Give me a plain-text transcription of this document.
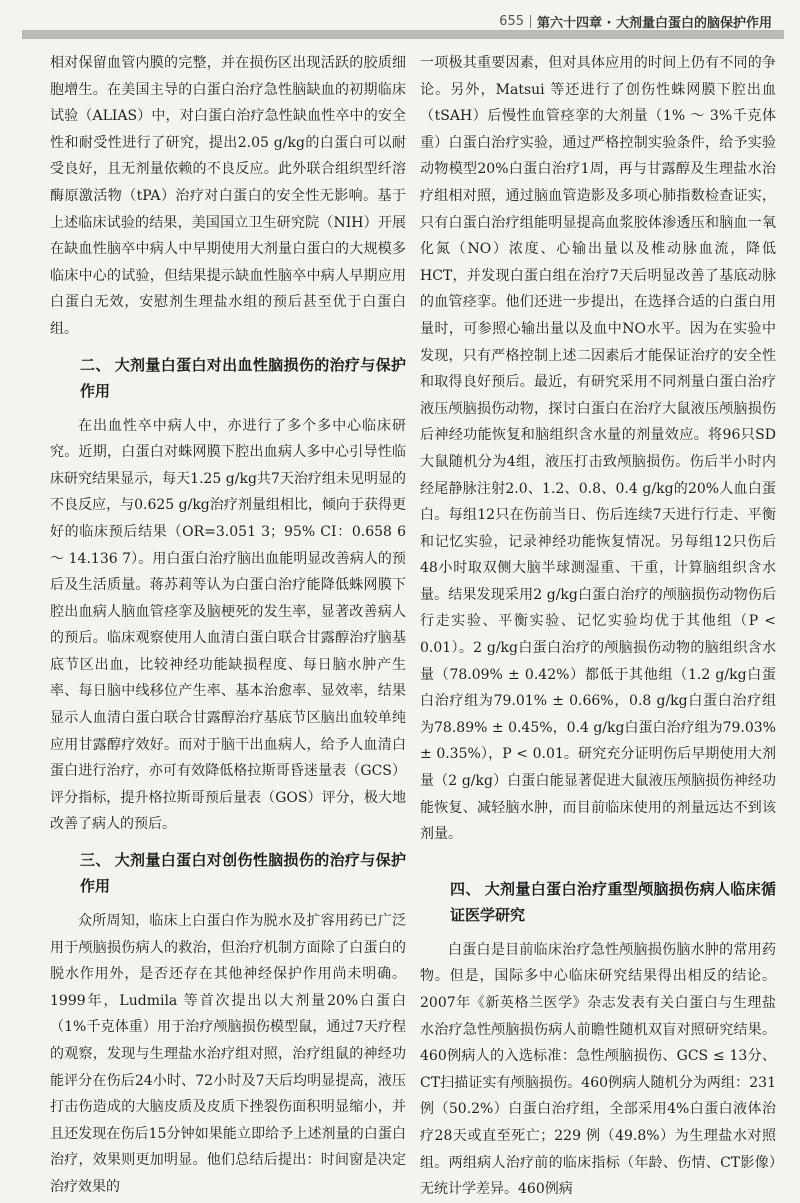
655 第六十四章 · 大剂量白蛋白的脑保护作用

相对保留血管内膜的完整，并在损伤区出现活跃的胶质细胞增生。在美国主导的白蛋白治疗急性脑缺血的初期临床试验（ALIAS）中，对白蛋白治疗急性缺血性卒中的安全性和耐受性进行了研究，提出2.05 g/kg的白蛋白可以耐受良好，且无剂量依赖的不良反应。此外联合组织型纤溶酶原激活物（tPA）治疗对白蛋白的安全性无影响。基于上述临床试验的结果，美国国立卫生研究院（NIH）开展在缺血性脑卒中病人中早期使用大剂量白蛋白的大规模多临床中心的试验，但结果提示缺血性脑卒中病人早期应用白蛋白无效，安慰剂生理盐水组的预后甚至优于白蛋白组。

二、 大剂量白蛋白对出血性脑损伤的治疗与保护作用

在出血性卒中病人中，亦进行了多个多中心临床研究。近期，白蛋白对蛛网膜下腔出血病人多中心引导性临床研究结果显示，每天1.25 g/kg共7天治疗组未见明显的不良反应，与0.625 g/kg治疗剂量组相比，倾向于获得更好的临床预后结果（OR=3.051 3；95% CI：0.658 6 ～ 14.136 7）。用白蛋白治疗脑出血能明显改善病人的预后及生活质量。蒋苏莉等认为白蛋白治疗能降低蛛网膜下腔出血病人脑血管痉挛及脑梗死的发生率，显著改善病人的预后。临床观察使用人血清白蛋白联合甘露醇治疗脑基底节区出血，比较神经功能缺损程度、每日脑水肿产生率、每日脑中线移位产生率、基本治愈率、显效率，结果显示人血清白蛋白联合甘露醇治疗基底节区脑出血较单纯应用甘露醇疗效好。而对于脑干出血病人，给予人血清白蛋白进行治疗，亦可有效降低格拉斯哥昏迷量表（GCS）评分指标，提升格拉斯哥预后量表（GOS）评分，极大地改善了病人的预后。

三、 大剂量白蛋白对创伤性脑损伤的治疗与保护作用

众所周知，临床上白蛋白作为脱水及扩容用药已广泛用于颅脑损伤病人的救治，但治疗机制方面除了白蛋白的脱水作用外，是否还存在其他神经保护作用尚未明确。1999年，Ludmila 等首次提出以大剂量20%白蛋白（1%千克体重）用于治疗颅脑损伤模型鼠，通过7天疗程的观察，发现与生理盐水治疗组对照，治疗组鼠的神经功能评分在伤后24小时、72小时及7天后均明显提高，液压打击伤造成的大脑皮质及皮质下挫裂伤面积明显缩小，并且还发现在伤后15分钟如果能立即给予上述剂量的白蛋白治疗，效果则更加明显。他们总结后提出：时间窗是决定治疗效果的

一项极其重要因素，但对具体应用的时间上仍有不同的争论。另外，Matsui 等还进行了创伤性蛛网膜下腔出血（tSAH）后慢性血管痉挛的大剂量（1% ～ 3%千克体重）白蛋白治疗实验，通过严格控制实验条件，给予实验动物模型20%白蛋白治疗1周，再与甘露醇及生理盐水治疗组相对照，通过脑血管造影及多项心肺指数检查证实，只有白蛋白治疗组能明显提高血浆胶体渗透压和脑血一氧化氮（NO）浓度、心输出量以及椎动脉血流，降低HCT，并发现白蛋白组在治疗7天后明显改善了基底动脉的血管痉挛。他们还进一步提出，在选择合适的白蛋白用量时，可参照心输出量以及血中NO水平。因为在实验中发现，只有严格控制上述二因素后才能保证治疗的安全性和取得良好预后。最近，有研究采用不同剂量白蛋白治疗液压颅脑损伤动物，探讨白蛋白在治疗大鼠液压颅脑损伤后神经功能恢复和脑组织含水量的剂量效应。将96只SD大鼠随机分为4组，液压打击致颅脑损伤。伤后半小时内经尾静脉注射2.0、1.2、0.8、0.4 g/kg的20%人血白蛋白。每组12只在伤前当日、伤后连续7天进行行走、平衡和记忆实验，记录神经功能恢复情况。另每组12只伤后48小时取双侧大脑半球测湿重、干重，计算脑组织含水量。结果发现采用2 g/kg白蛋白治疗的颅脑损伤动物伤后行走实验、平衡实验、记忆实验均优于其他组（P < 0.01）。2 g/kg白蛋白治疗的颅脑损伤动物的脑组织含水量（78.09% ± 0.42%）都低于其他组（1.2 g/kg白蛋白治疗组为79.01% ± 0.66%，0.8 g/kg白蛋白治疗组为78.89% ± 0.45%，0.4 g/kg白蛋白治疗组为79.03% ± 0.35%），P < 0.01。研究充分证明伤后早期使用大剂量（2 g/kg）白蛋白能显著促进大鼠液压颅脑损伤神经功能恢复、减轻脑水肿，而目前临床使用的剂量远达不到该剂量。

四、 大剂量白蛋白治疗重型颅脑损伤病人临床循证医学研究

白蛋白是目前临床治疗急性颅脑损伤脑水肿的常用药物。但是，国际多中心临床研究结果得出相反的结论。2007年《新英格兰医学》杂志发表有关白蛋白与生理盐水治疗急性颅脑损伤病人前瞻性随机双盲对照研究结果。460例病人的入选标准：急性颅脑损伤、GCS ≤ 13分、CT扫描证实有颅脑损伤。460例病人随机分为两组：231 例（50.2%）白蛋白治疗组，全部采用4%白蛋白液体治疗28天或直至死亡；229 例（49.8%）为生理盐水对照组。两组病人治疗前的临床指标（年龄、伤情、CT影像）无统计学差异。460例病
